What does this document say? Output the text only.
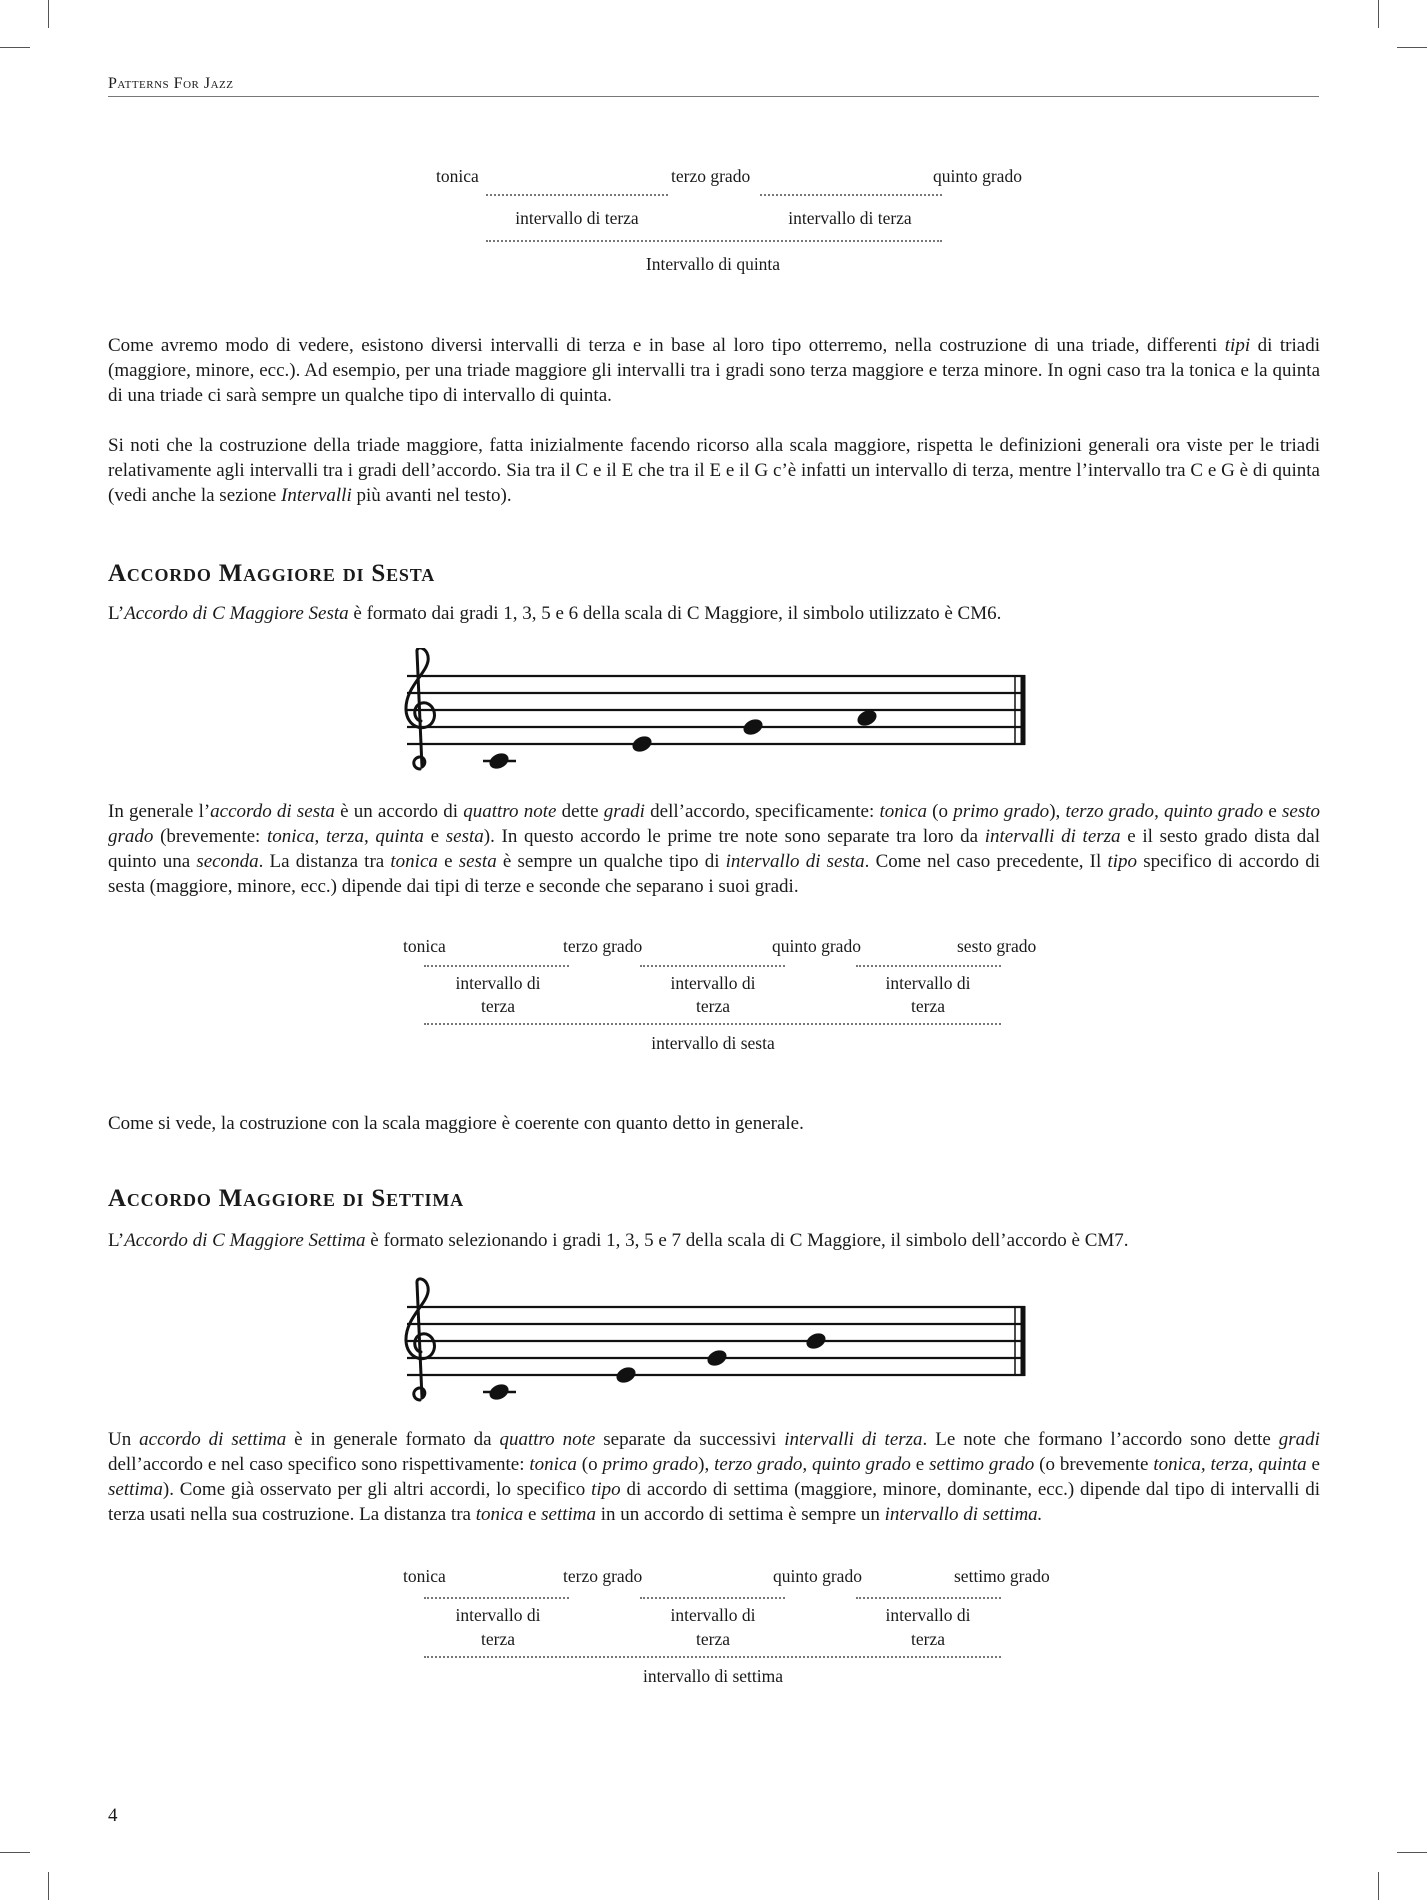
Patterns For Jazz
tonica	terzo grado	quinto grado
intervallo di terza	intervallo di terza
Intervallo di quinta

Come avremo modo di vedere, esistono diversi intervalli di terza e in base al loro tipo otterremo, nella costruzione di una triade, differenti tipi di triadi (maggiore, minore, ecc.). Ad esempio, per una triade maggiore gli intervalli tra i gradi sono terza maggiore e terza minore. In ogni caso tra la tonica e la quinta di una triade ci sarà sempre un qualche tipo di intervallo di quinta.

Si noti che la costruzione della triade maggiore, fatta inizialmente facendo ricorso alla scala maggiore, rispetta le definizioni generali ora viste per le triadi relativamente agli intervalli tra i gradi dell’accordo. Sia tra il C e il E che tra il E e il G c’è infatti un intervallo di terza, mentre l’intervallo tra C e G è di quinta (vedi anche la sezione Intervalli più avanti nel testo).

Accordo Maggiore di Sesta

L’Accordo di C Maggiore Sesta è formato dai gradi 1, 3, 5 e 6 della scala di C Maggiore, il simbolo utilizzato è CM6.

In generale l’accordo di sesta è un accordo di quattro note dette gradi dell’accordo, specificamente: tonica (o primo grado), terzo grado, quinto grado e sesto grado (brevemente: tonica, terza, quinta e sesta). In questo accordo le prime tre note sono separate tra loro da intervalli di terza e il sesto grado dista dal quinto una seconda. La distanza tra tonica e sesta è sempre un qualche tipo di intervallo di sesta. Come nel caso precedente, Il tipo specifico di accordo di sesta (maggiore, minore, ecc.) dipende dai tipi di terze e seconde che separano i suoi gradi.

tonica	terzo grado	quinto grado	sesto grado
intervallo di
terza
intervallo di
terza
intervallo di
terza
intervallo di sesta

Come si vede, la costruzione con la scala maggiore è coerente con quanto detto in generale.

Accordo Maggiore di Settima

L’Accordo di C Maggiore Settima è formato selezionando i gradi 1, 3, 5 e 7 della scala di C Maggiore, il simbolo dell’accordo è CM7.

Un accordo di settima è in generale formato da quattro note separate da successivi intervalli di terza. Le note che formano l’accordo sono dette gradi dell’accordo e nel caso specifico sono rispettivamente: tonica (o primo grado), terzo grado, quinto grado e settimo grado (o brevemente tonica, terza, quinta e settima). Come già osservato per gli altri accordi, lo specifico tipo di accordo di settima (maggiore, minore, dominante, ecc.) dipende dal tipo di intervalli di terza usati nella sua costruzione. La distanza tra tonica e settima in un accordo di settima è sempre un intervallo di settima.

tonica	terzo grado	quinto grado	settimo grado
intervallo di
terza
intervallo di
terza
intervallo di
terza
intervallo di settima
4
